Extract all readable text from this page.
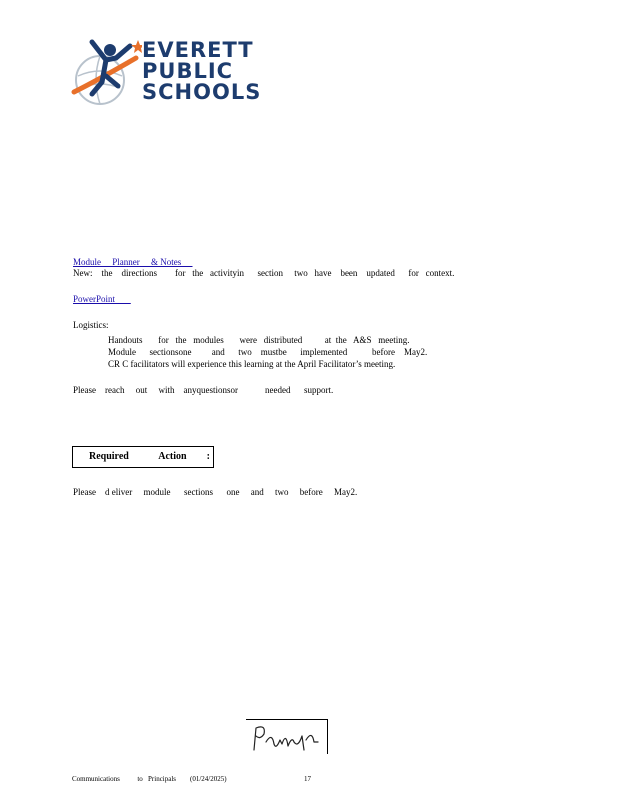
EVERETT
PUBLIC
SCHOOLS
Module     Planner     & Notes
New:    the    directions        for   the   activityin      section     two   have    been    updated      for   context.
PowerPoint
Logistics:
Handouts       for   the   modules       were   distributed          at  the   A&S   meeting.
Module      sectionsone         and      two    mustbe      implemented           before    May2.
CR C facilitators will experience this learning at the April Facilitator’s meeting.
Please    reach     out     with    anyquestionsor            needed      support.
Required            Action        :
Please    d eliver     module      sections      one     and     two     before     May2.
Communications          to   Principals        (01/24/2025)	17
